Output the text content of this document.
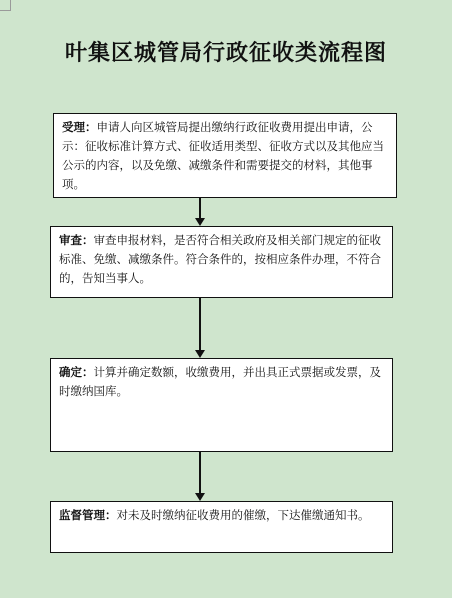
叶集区城管局行政征收类流程图
受理：申请人向区城管局提出缴纳行政征收费用提出申请，公示：征收标准计算方式、征收适用类型、征收方式以及其他应当公示的内容，以及免缴、减缴条件和需要提交的材料，其他事项。
审查：审查申报材料，是否符合相关政府及相关部门规定的征收标准、免缴、减缴条件。符合条件的，按相应条件办理，不符合的，告知当事人。
确定：计算并确定数额，收缴费用，并出具正式票据或发票，及时缴纳国库。
监督管理：对未及时缴纳征收费用的催缴，下达催缴通知书。
